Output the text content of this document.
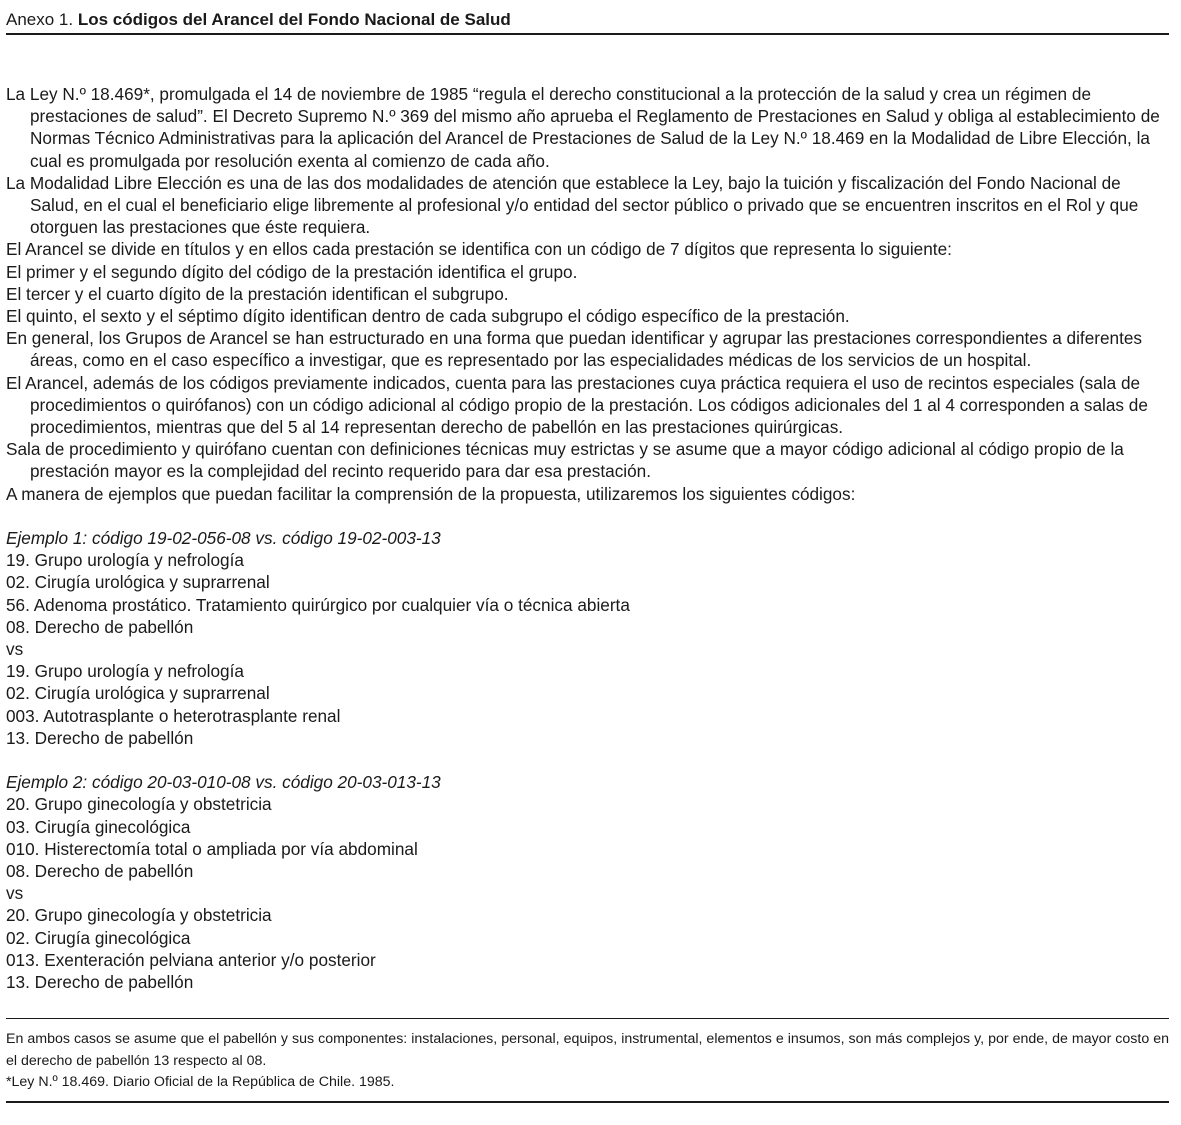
Anexo 1. Los códigos del Arancel del Fondo Nacional de Salud
La Ley N.º 18.469*, promulgada el 14 de noviembre de 1985 “regula el derecho constitucional a la protección de la salud y crea un régimen de prestaciones de salud”. El Decreto Supremo N.º 369 del mismo año aprueba el Reglamento de Prestaciones en Salud y obliga al establecimiento de Normas Técnico Administrativas para la aplicación del Arancel de Prestaciones de Salud de la Ley N.º 18.469 en la Modalidad de Libre Elección, la cual es promulgada por resolución exenta al comienzo de cada año.
La Modalidad Libre Elección es una de las dos modalidades de atención que establece la Ley, bajo la tuición y fiscalización del Fondo Nacional de Salud, en el cual el beneficiario elige libremente al profesional y/o entidad del sector público o privado que se encuentren inscritos en el Rol y que otorguen las prestaciones que éste requiera.
El Arancel se divide en títulos y en ellos cada prestación se identifica con un código de 7 dígitos que representa lo siguiente:
El primer y el segundo dígito del código de la prestación identifica el grupo.
El tercer y el cuarto dígito de la prestación identifican el subgrupo.
El quinto, el sexto y el séptimo dígito identifican dentro de cada subgrupo el código específico de la prestación.
En general, los Grupos de Arancel se han estructurado en una forma que puedan identificar y agrupar las prestaciones correspondientes a diferentes áreas, como en el caso específico a investigar, que es representado por las especialidades médicas de los servicios de un hospital.
El Arancel, además de los códigos previamente indicados, cuenta para las prestaciones cuya práctica requiera el uso de recintos especiales (sala de procedimientos o quirófanos) con un código adicional al código propio de la prestación. Los códigos adicionales del 1 al 4 corresponden a salas de procedimientos, mientras que del 5 al 14 representan derecho de pabellón en las prestaciones quirúrgicas.
Sala de procedimiento y quirófano cuentan con definiciones técnicas muy estrictas y se asume que a mayor código adicional al código propio de la prestación mayor es la complejidad del recinto requerido para dar esa prestación.
A manera de ejemplos que puedan facilitar la comprensión de la propuesta, utilizaremos los siguientes códigos:
Ejemplo 1: código 19-02-056-08 vs. código 19-02-003-13
19. Grupo urología y nefrología
02. Cirugía urológica y suprarrenal
56. Adenoma prostático. Tratamiento quirúrgico por cualquier vía o técnica abierta
08. Derecho de pabellón
vs
19. Grupo urología y nefrología
02. Cirugía urológica y suprarrenal
003. Autotrasplante o heterotrasplante renal
13. Derecho de pabellón
Ejemplo 2: código 20-03-010-08 vs. código 20-03-013-13
20. Grupo ginecología y obstetricia
03. Cirugía ginecológica
010. Histerectomía total o ampliada por vía abdominal
08. Derecho de pabellón
vs
20. Grupo ginecología y obstetricia
02. Cirugía ginecológica
013. Exenteración pelviana anterior y/o posterior
13. Derecho de pabellón
En ambos casos se asume que el pabellón y sus componentes: instalaciones, personal, equipos, instrumental, elementos e insumos, son más complejos y, por ende, de mayor costo en el derecho de pabellón 13 respecto al 08.
*Ley N.º 18.469. Diario Oficial de la República de Chile. 1985.
